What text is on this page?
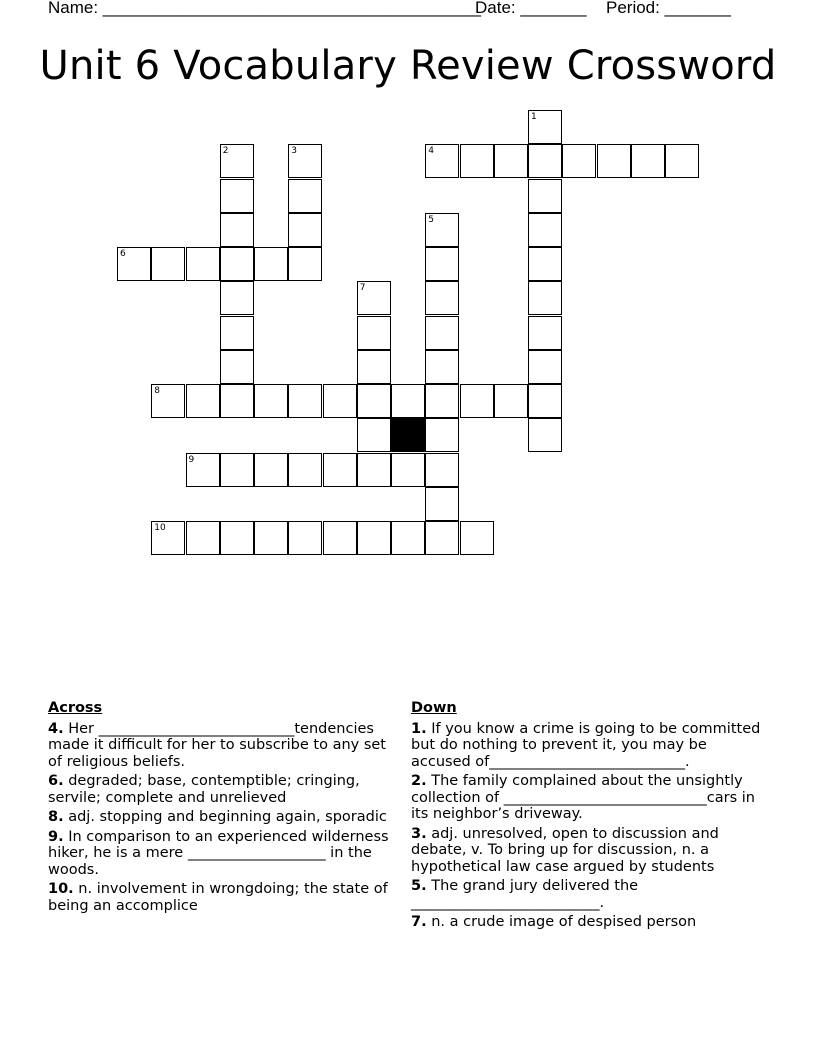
Name: ________________________________________
Date: _______ Period: _______
Unit 6 Vocabulary Review Crossword
1
2	3	4
5
6
7
8
9
10
Across
4. Her ___________________________tendencies made it difficult for her to subscribe to any set of religious beliefs.
6. degraded; base, contemptible; cringing, servile; complete and unrelieved
8. adj. stopping and beginning again, sporadic
9. In comparison to an experienced wilderness hiker, he is a mere ___________________ in the woods.
10. n. involvement in wrongdoing; the state of being an accomplice
Down
1. If you know a crime is going to be committed but do nothing to prevent it, you may be accused of___________________________.
2. The family complained about the unsightly collection of ____________________________cars in its neighbor’s driveway.
3. adj. unresolved, open to discussion and debate, v. To bring up for discussion, n. a hypothetical law case argued by students
5. The grand jury delivered the __________________________.
7. n. a crude image of despised person
